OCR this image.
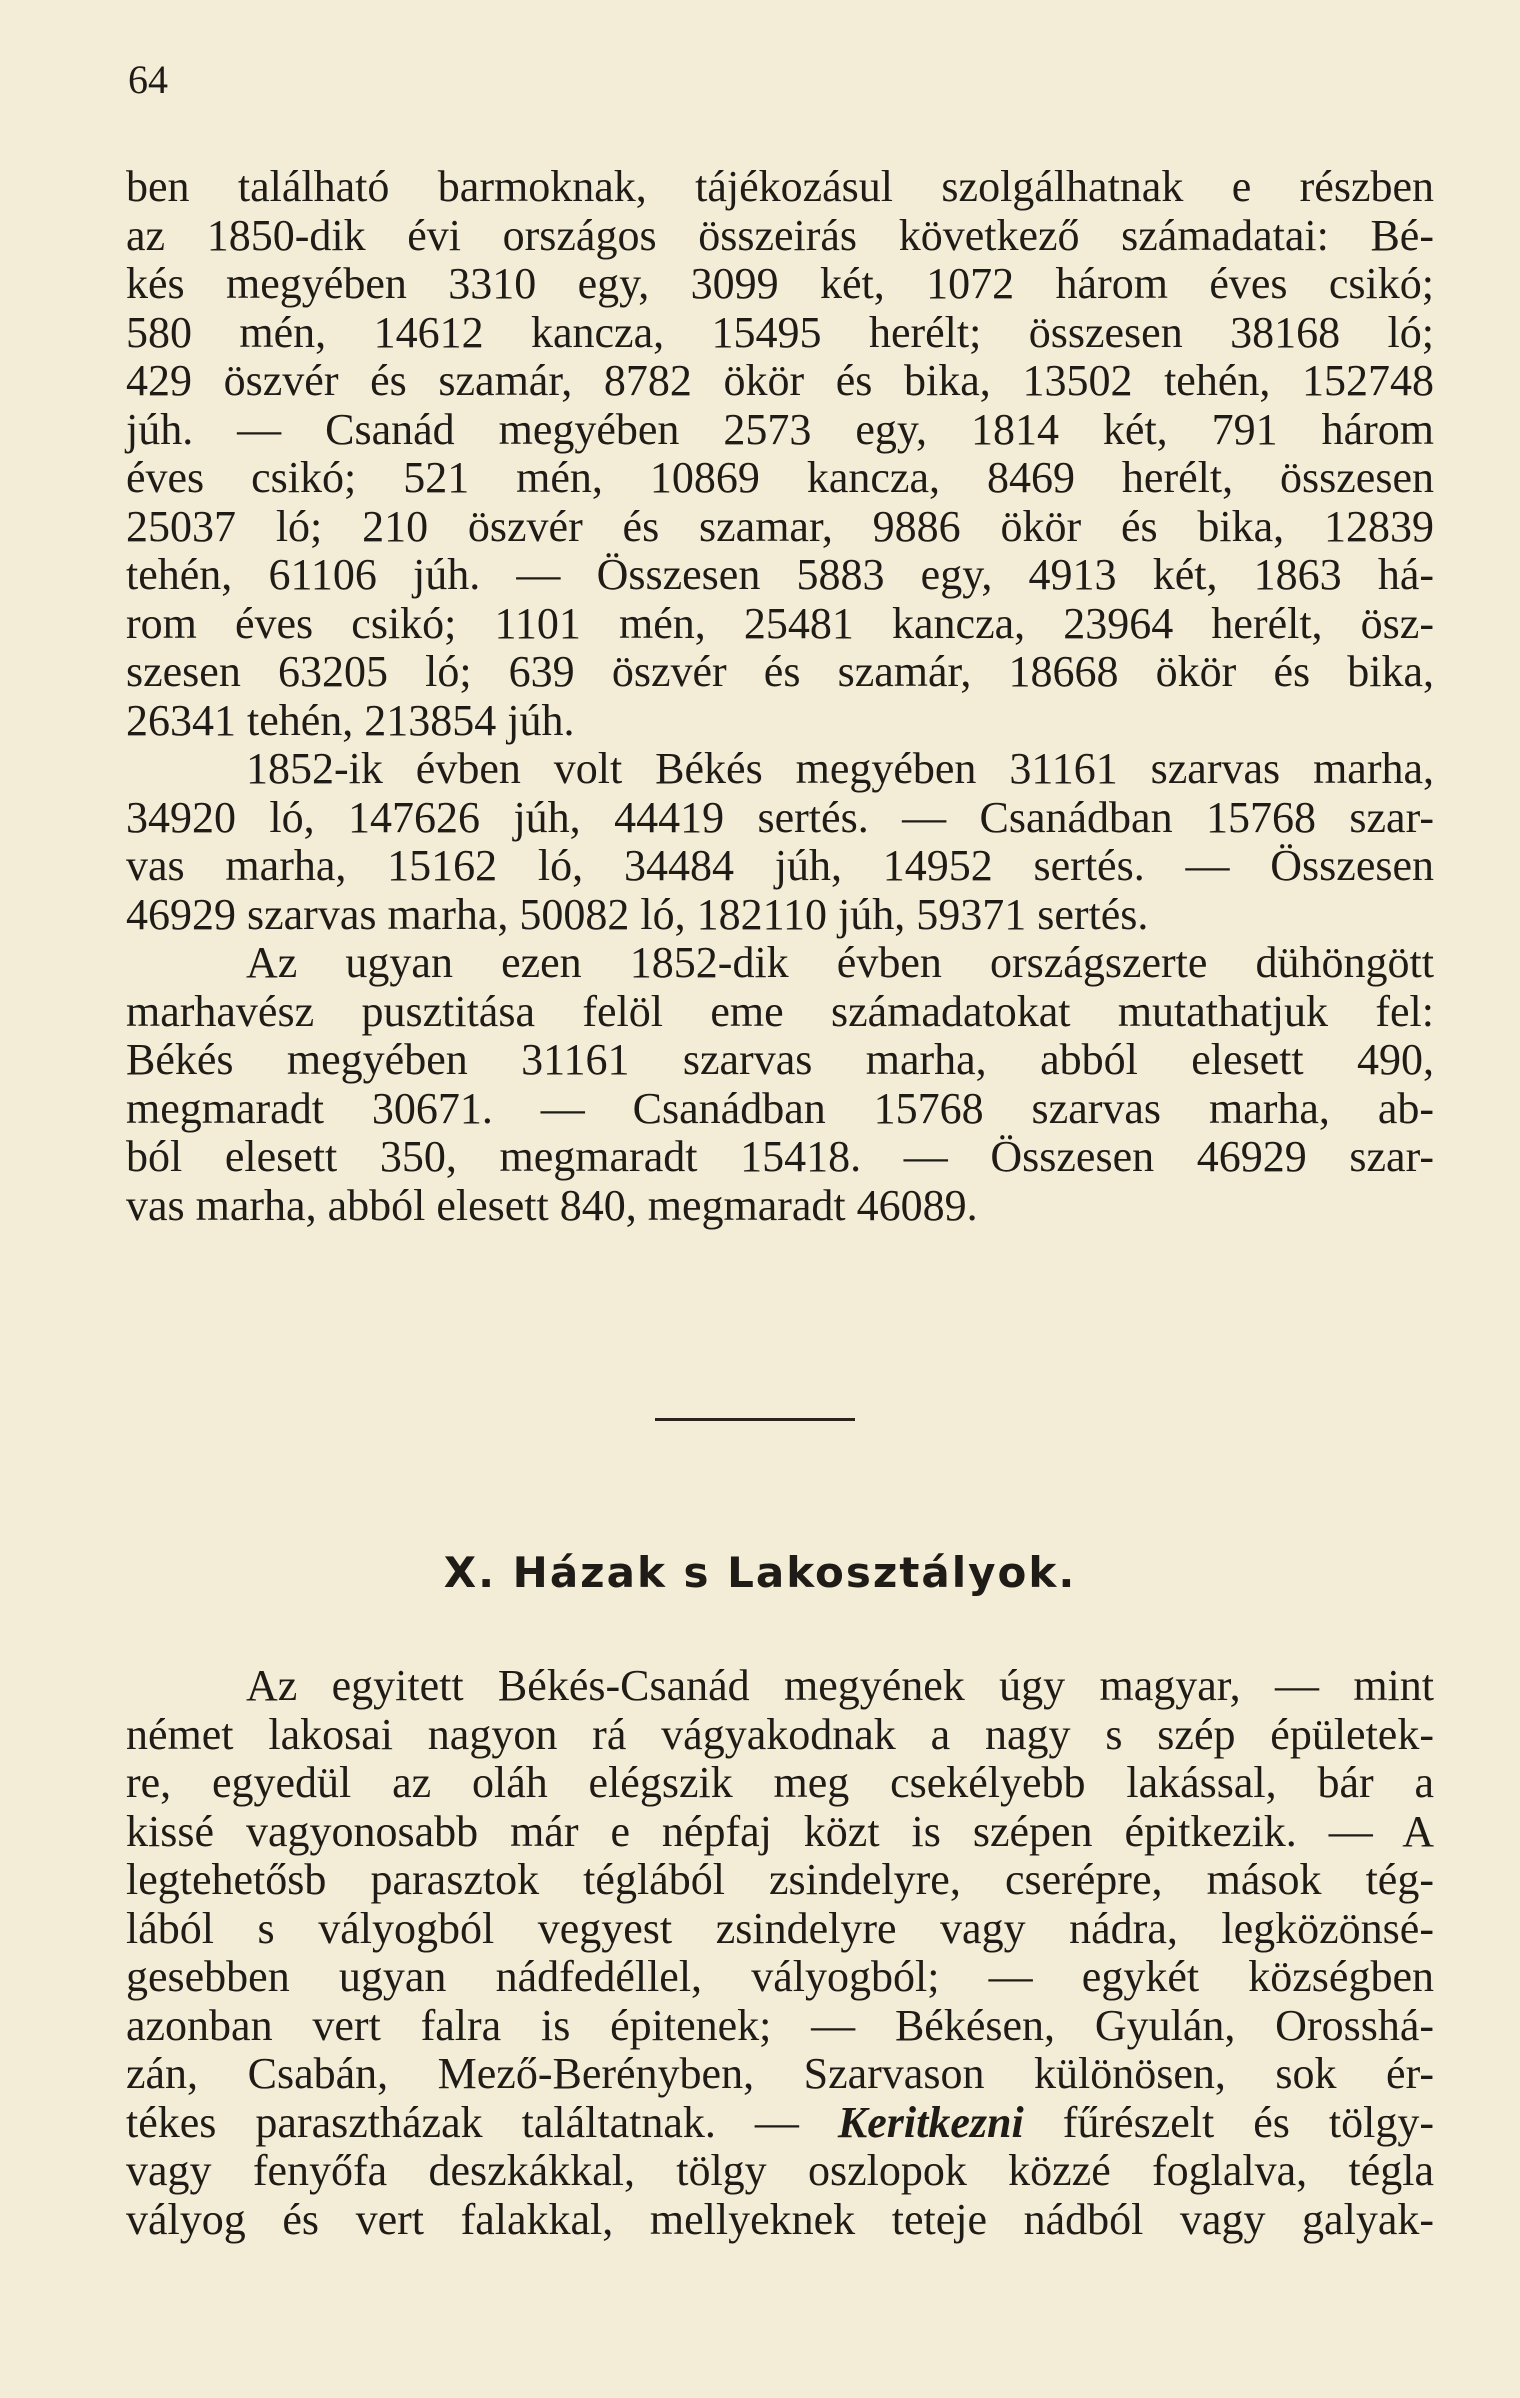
64
ben található barmoknak, tájékozásul szolgálhatnak e részben
az 1850-dik évi országos összeirás következő számadatai: Bé-
kés megyében 3310 egy, 3099 két, 1072 három éves csikó;
580 mén, 14612 kancza, 15495 herélt; összesen 38168 ló;
429 öszvér és szamár, 8782 ökör és bika, 13502 tehén, 152748
júh. — Csanád megyében 2573 egy, 1814 két, 791 három
éves csikó; 521 mén, 10869 kancza, 8469 herélt, összesen
25037 ló; 210 öszvér és szamar, 9886 ökör és bika, 12839
tehén, 61106 júh. — Összesen 5883 egy, 4913 két, 1863 há-
rom éves csikó; 1101 mén, 25481 kancza, 23964 herélt, ösz-
szesen 63205 ló; 639 öszvér és szamár, 18668 ökör és bika,
26341 tehén, 213854 júh.
1852-ik évben volt Békés megyében 31161 szarvas marha,
34920 ló, 147626 júh, 44419 sertés. — Csanádban 15768 szar-
vas marha, 15162 ló, 34484 júh, 14952 sertés. — Összesen
46929 szarvas marha, 50082 ló, 182110 júh, 59371 sertés.
Az ugyan ezen 1852-dik évben országszerte dühöngött
marhavész pusztitása felöl eme számadatokat mutathatjuk fel:
Békés megyében 31161 szarvas marha, abból elesett 490,
megmaradt 30671. — Csanádban 15768 szarvas marha, ab-
ból elesett 350, megmaradt 15418. — Összesen 46929 szar-
vas marha, abból elesett 840, megmaradt 46089.
X. Házak s Lakosztályok.
Az egyitett Békés-Csanád megyének úgy magyar, — mint
német lakosai nagyon rá vágyakodnak a nagy s szép épületek-
re, egyedül az oláh elégszik meg csekélyebb lakással, bár a
kissé vagyonosabb már e népfaj közt is szépen épitkezik. — A
legtehetősb parasztok téglából zsindelyre, cserépre, mások tég-
lából s vályogból vegyest zsindelyre vagy nádra, legközönsé-
gesebben ugyan nádfedéllel, vályogból; — egykét községben
azonban vert falra is épitenek; — Békésen, Gyulán, Orosshá-
zán, Csabán, Mező-Berényben, Szarvason különösen, sok ér-
tékes parasztházak találtatnak. — Keritkezni fűrészelt és tölgy-
vagy fenyőfa deszkákkal, tölgy oszlopok közzé foglalva, tégla
vályog és vert falakkal, mellyeknek teteje nádból vagy galyak-
